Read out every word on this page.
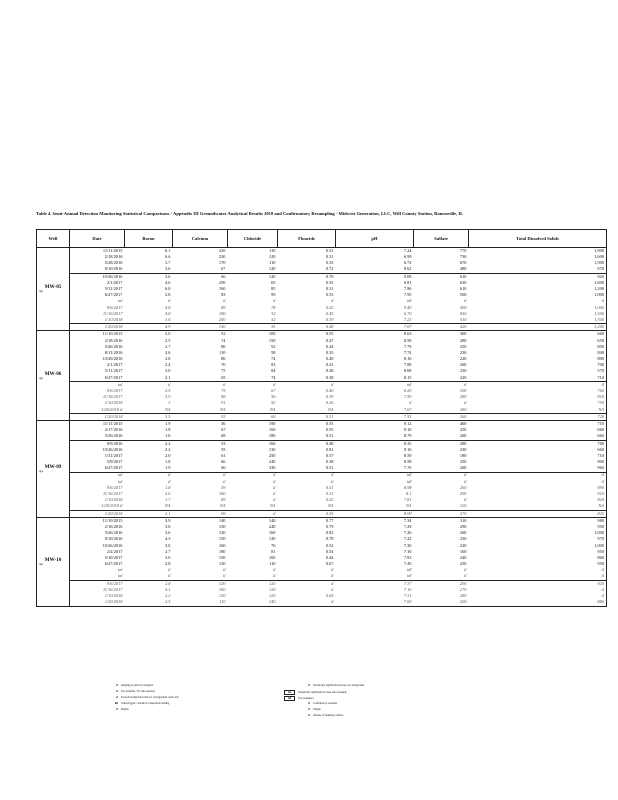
Table 4. Semi-Annual Detection Monitoring Statistical Comparisons - Appendix III Groundwater Analytical Results 2018 and Confirmatory Resampling - Midwest Generation, LLC, Will County Station, Romeoville, IL
Well	Date	Boron	Calcium	Chloride	Fluoride	pH	Sulfate	Total Dissolved Solids
MW-05
ugs	11/11/2015	6.1	220	110	0.31	7.24	770	1,900
	2/18/2016	6.6	230	120	0.31	6.99	730	1,600
	5/28/2016	3.7	170	110	0.33	6.72	670	1,500
	8/10/2016	3.6	67	120	0.72	8.62	480	970
	10/26/2016	3.6	66	120	0.70	9.08	610	920
	2/1/2017	4.6	250	65	0.35	6.81	630	1,600
	5/11/2017	6.0	160	85	0.31	7.86	610	1,200
	6/27/2017	2.8	83	99	0.53	7.95	500	1,000
	tal	tl	tl	tl	tl	tdl	tl	tl
	9/6/2017	4.8	89	78	0.52	9.40	490	1,000
	11/16/2017	4.8	180	52	0.45	6.70	650	1,500
	1/10/2018	3.6	200	52	0.39	7.23	510	1,300
	1/20/2018	4.9	150	55	0.48	7.07	420	1,200
MW-06
ugs	11/10/2015	3.0	52	100	0.55	8.63	300	660
	2/18/2016	2.5	74	150	0.47	8.58	280	650
	5/26/2016	2.7	86	92	0.44	7.79	250	800
	8/11/2016	2.6	110	58	0.35	7.74	230	840
	10/26/2016	3.8	86	74	0.40	8.16	220	800
	2/1/2017	2.4	70	83	0.41	7.88	260	700
	5/11/2017	3.0	75	84	0.28	8.68	230	570
	6/27/2017	2.1	65	74	0.38	8.15	220	710
	tal	tl	tl	tl	tl	tdl	tl	tl
	9/6/2017	2.5	75	67	0.40	8.20	300	760
	11/16/2017	3.9	88	56	0.39	7.59	280	810
	1/10/2018	3	91	52	0.26	tl	tl	750
	1/20/2018 tl	NA	NA	NA	NA	7.67	280	NA
	1/20/2018	3.5	93	66	0.31	7.53	260	720
MW-09
ugs	11/11/2015	1.9	56	190	0.55	9.12	460	710
	2/17/2016	1.8	67	160	0.55	9.10	250	660
	5/26/2016	1.6	68	180	0.51	8.79	260	660
	8/9/2016	2.2	53	160	0.48	8.35	280	760
	10/26/2016	2.2	55	130	0.81	9.16	230	660
	1/31/2017	2.0	61	250	0.57	8.59	180	710
	5/9/2017	1.8	66	240	0.38	8.58	250	900
	6/27/2017	1.9	66	330	0.51	7.76	260	960
	tal	tl	tl	tl	tl	tdl	tl	tl
	tal	tl	tl	tl	tl	tdl	tl	tl
	9/6/2017	1.8	59	tl	0.51	8.98	260	890
	11/16/2017	2.6	160	tl	0.51	8.1	290	910
	1/10/2018	1.7	69	tl	0.52	7.81	tl	820
	1/20/2018 tl	NA	NA	NA	NA	NA	320	NA
	1/20/2018	2.1	69	tl	0.55	8.09	270	820
MW-10
ugs	11/10/2015	3.9	140	140	0.77	7.34	310	980
	2/16/2016	3.6	150	240	0.79	7.29	290	950
	5/26/2016	3.6	120	160	0.82	7.26	260	1,000
	8/10/2016	4.3	150	120	0.78	7.22	230	970
	10/26/2016	3.0	160	76	0.52	7.30	220	1,000
	2/2/2017	2.7	180	81	0.54	7.16	160	950
	5/10/2017	3.0	150	100	0.44	7.83	240	860
	6/27/2017	2.8	130	110	0.67	7.49	250	950
	tal	tl	tl	tl	tl	tdl	tl	tl
	tal	tl	tl	tl	tl	tdl	tl	tl
	9/6/2017	2.8	120	120	tl	7.37	290	920
	11/16/2017	4.1	160	120	tl	7.10	270	tl
	1/10/2018	2.2	150	120	0.65	7.31	280	tl
	1/20/2018	2.5	110	140	tl	7.60	200	880
tl sampling location not assigned
tl Not Available / No data reported
tl Exceeds background value for downgradient wells only
tdl Value flagged - statistical comparison pending
tl Results
tl Statistically significant increase over background
tal	Statistically significant increase after resample
tdl	Not resampled
tl Confirmatory resample
tl Sample
tl Outside of Sampling window
